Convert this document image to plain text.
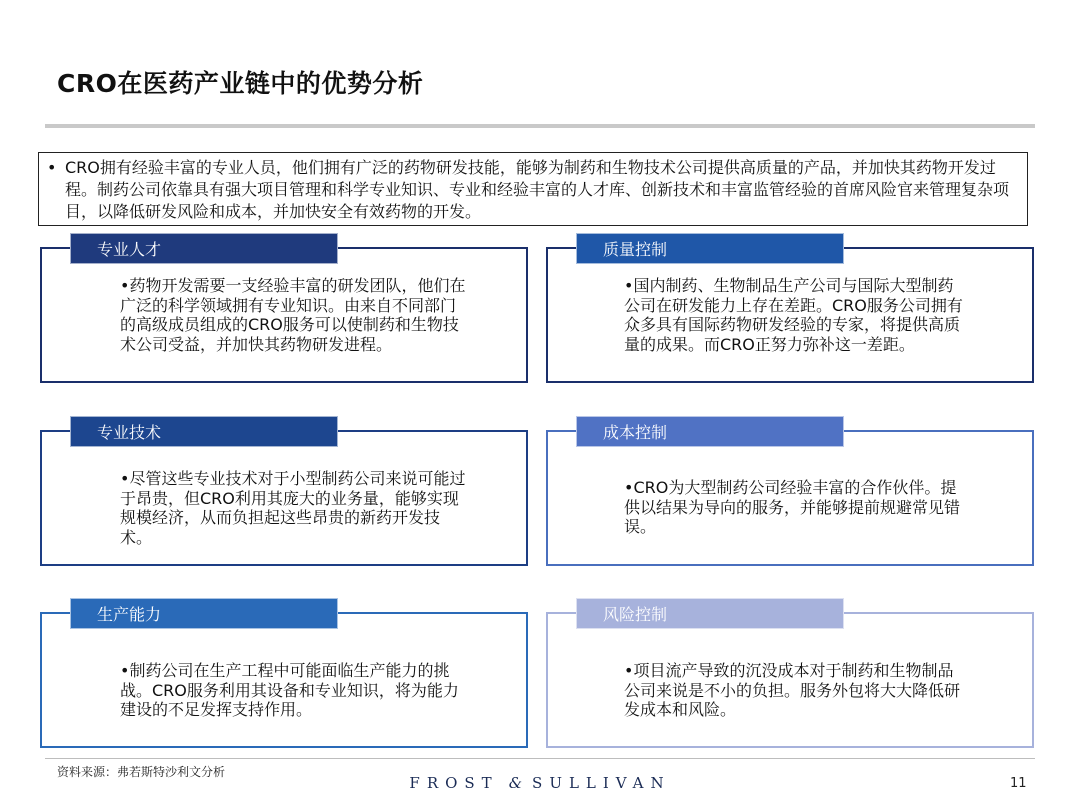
CRO在医药产业链中的优势分析
• CRO拥有经验丰富的专业人员，他们拥有广泛的药物研发技能，能够为制药和生物技术公司提供高质量的产品，并加快其药物开发过程。制药公司依靠具有强大项目管理和科学专业知识、专业和经验丰富的人才库、创新技术和丰富监管经验的首席风险官来管理复杂项目，以降低研发风险和成本，并加快安全有效药物的开发。
专业人才
•药物开发需要一支经验丰富的研发团队，他们在广泛的科学领域拥有专业知识。由来自不同部门的高级成员组成的CRO服务可以使制药和生物技术公司受益，并加快其药物研发进程。
质量控制
•国内制药、生物制品生产公司与国际大型制药公司在研发能力上存在差距。CRO服务公司拥有众多具有国际药物研发经验的专家，将提供高质量的成果。而CRO正努力弥补这一差距。
专业技术
•尽管这些专业技术对于小型制药公司来说可能过于昂贵，但CRO利用其庞大的业务量，能够实现规模经济，从而负担起这些昂贵的新药开发技术。
成本控制
•CRO为大型制药公司经验丰富的合作伙伴。提供以结果为导向的服务，并能够提前规避常见错误。
生产能力
•制药公司在生产工程中可能面临生产能力的挑战。CRO服务利用其设备和专业知识，将为能力建设的不足发挥支持作用。
风险控制
•项目流产导致的沉没成本对于制药和生物制品公司来说是不小的负担。服务外包将大大降低研发成本和风险。
资料来源：弗若斯特沙利文分析
FROST & SULLIVAN	11
